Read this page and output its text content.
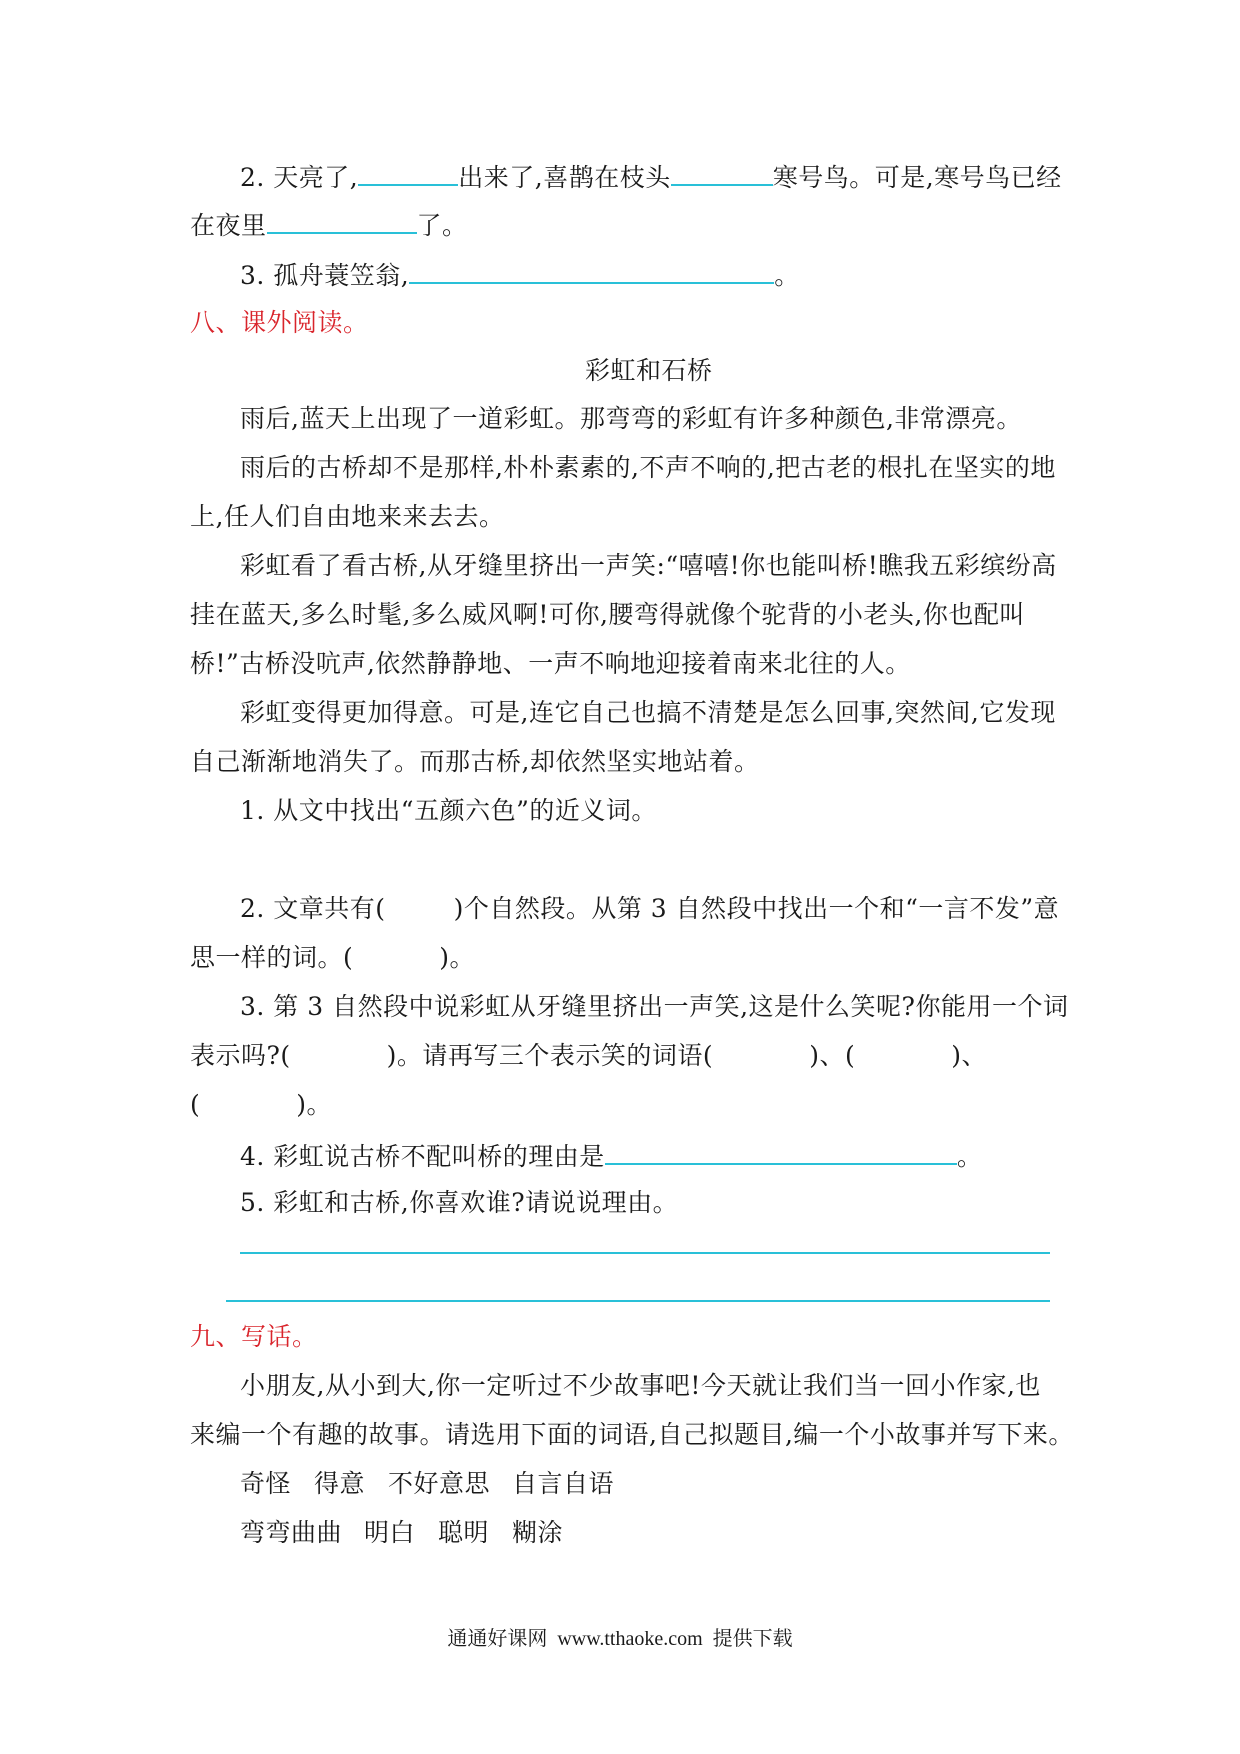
2. 天亮了,	出来了,喜鹊在枝头	寒号鸟。可是,寒号鸟已经
在夜里	了。
3. 孤舟蓑笠翁,	。
八、课外阅读。
彩虹和石桥
雨后,蓝天上出现了一道彩虹。那弯弯的彩虹有许多种颜色,非常漂亮。
雨后的古桥却不是那样,朴朴素素的,不声不响的,把古老的根扎在坚实的地
上,任人们自由地来来去去。
彩虹看了看古桥,从牙缝里挤出一声笑:“嘻嘻!你也能叫桥!瞧我五彩缤纷高
挂在蓝天,多么时髦,多么威风啊!可你,腰弯得就像个驼背的小老头,你也配叫
桥!”古桥没吭声,依然静静地、一声不响地迎接着南来北往的人。
彩虹变得更加得意。可是,连它自己也搞不清楚是怎么回事,突然间,它发现
自己渐渐地消失了。而那古桥,却依然坚实地站着。
1. 从文中找出“五颜六色”的近义词。
2. 文章共有(	)个自然段。从第 3 自然段中找出一个和“一言不发”意
思一样的词。(	)。
3. 第 3 自然段中说彩虹从牙缝里挤出一声笑,这是什么笑呢?你能用一个词
表示吗?(	)。请再写三个表示笑的词语(	)、(	)、
(	)。
4. 彩虹说古桥不配叫桥的理由是	。
5. 彩虹和古桥,你喜欢谁?请说说理由。
九、写话。
小朋友,从小到大,你一定听过不少故事吧!今天就让我们当一回小作家,也
来编一个有趣的故事。请选用下面的词语,自己拟题目,编一个小故事并写下来。
奇怪 得意 不好意思 自言自语
弯弯曲曲 明白 聪明 糊涂
通通好课网 www.tthaoke.com 提供下载
